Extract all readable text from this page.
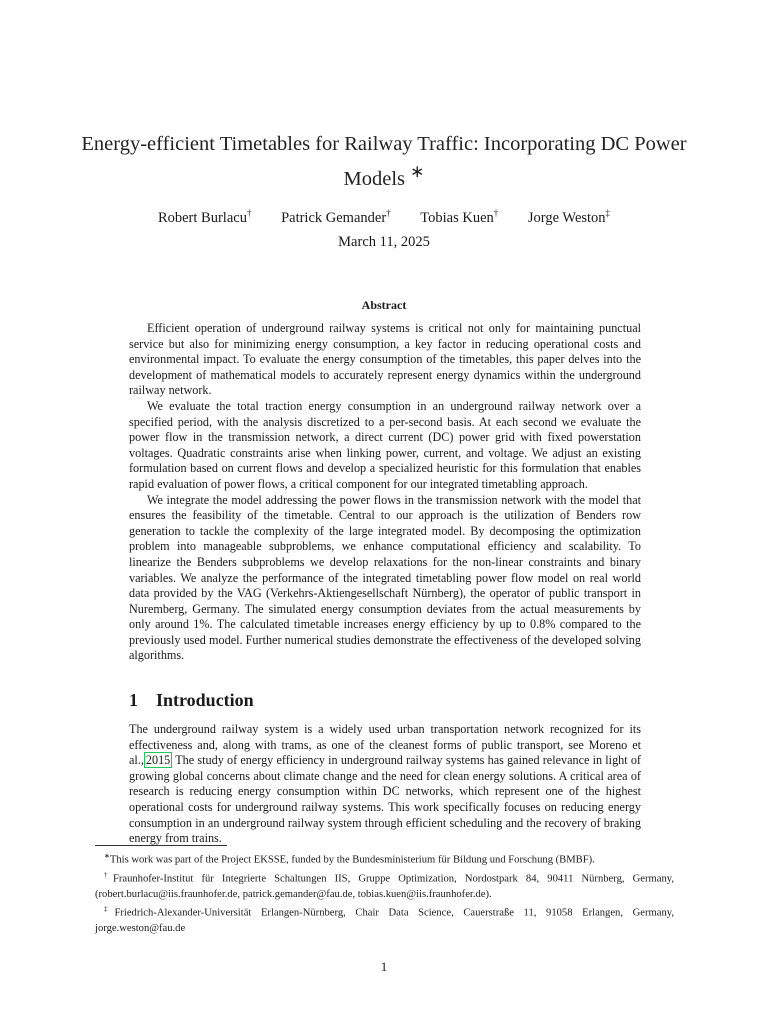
Energy-efficient Timetables for Railway Traffic: Incorporating DC Power Models ∗
Robert Burlacu† Patrick Gemander† Tobias Kuen† Jorge Weston‡
March 11, 2025
Abstract

Efficient operation of underground railway systems is critical not only for maintaining punctual service but also for minimizing energy consumption, a key factor in reducing operational costs and environmental impact. To evaluate the energy consumption of the timetables, this paper delves into the development of mathematical models to accurately represent energy dynamics within the underground railway network.

We evaluate the total traction energy consumption in an underground railway network over a specified period, with the analysis discretized to a per-second basis. At each second we evaluate the power flow in the transmission network, a direct current (DC) power grid with fixed powerstation voltages. Quadratic constraints arise when linking power, current, and voltage. We adjust an existing formulation based on current flows and develop a specialized heuristic for this formulation that enables rapid evaluation of power flows, a critical component for our integrated timetabling approach.

We integrate the model addressing the power flows in the transmission network with the model that ensures the feasibility of the timetable. Central to our approach is the utilization of Benders row generation to tackle the complexity of the large integrated model. By decomposing the optimization problem into manageable subproblems, we enhance computational efficiency and scalability. To linearize the Benders subproblems we develop relaxations for the non-linear constraints and binary variables. We analyze the performance of the integrated timetabling power flow model on real world data provided by the VAG (Verkehrs-Aktiengesellschaft Nürnberg), the operator of public transport in Nuremberg, Germany. The simulated energy consumption deviates from the actual measurements by only around 1%. The calculated timetable increases energy efficiency by up to 0.8% compared to the previously used model. Further numerical studies demonstrate the effectiveness of the developed solving algorithms.

1 Introduction

The underground railway system is a widely used urban transportation network recognized for its effectiveness and, along with trams, as one of the cleanest forms of public transport, see Moreno et al., 2015 The study of energy efficiency in underground railway systems has gained relevance in light of growing global concerns about climate change and the need for clean energy solutions. A critical area of research is reducing energy consumption within DC networks, which represent one of the highest operational costs for underground railway systems. This work specifically focuses on reducing energy consumption in an underground railway system through efficient scheduling and the recovery of braking energy from trains.

∗This work was part of the Project EKSSE, funded by the Bundesministerium für Bildung und Forschung (BMBF).

†Fraunhofer-Institut für Integrierte Schaltungen IIS, Gruppe Optimization, Nordostpark 84, 90411 Nürnberg, Germany, (robert.burlacu@iis.fraunhofer.de, patrick.gemander@fau.de, tobias.kuen@iis.fraunhofer.de).

‡Friedrich-Alexander-Universität Erlangen-Nürnberg, Chair Data Science, Cauerstraße 11, 91058 Erlangen, Germany, jorge.weston@fau.de

1
